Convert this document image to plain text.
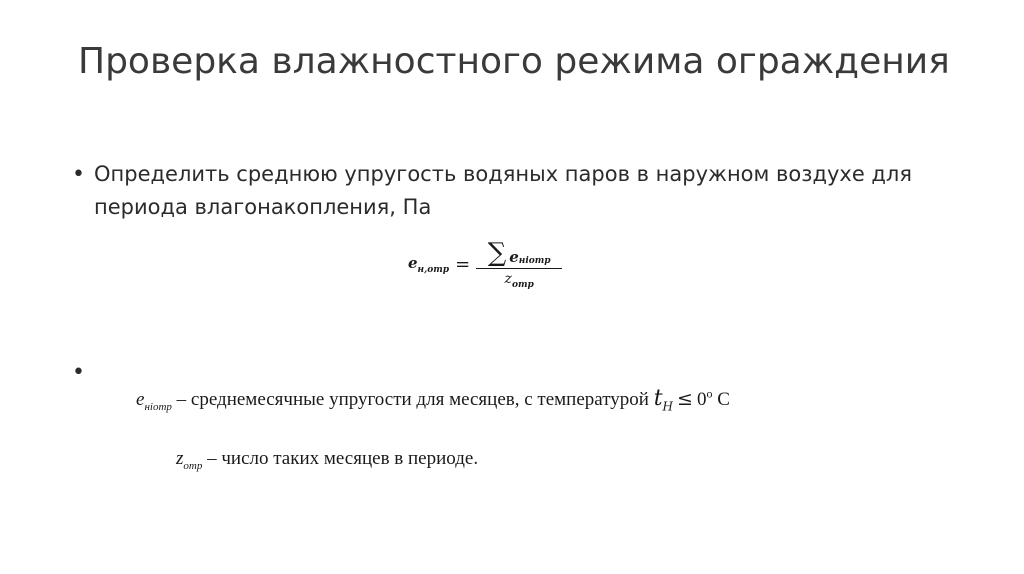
Проверка влажностного режима ограждения
• Определить среднюю упругость водяных паров в наружном воздухе для периода влагонакопления, Па
$e_{н,отр} = \frac{\sum e_{нiотр}}{z_{отр}}$
•
$e_{нiотр}$ – среднемесячные упругости для месяцев, с температурой $t_H \le 0^о$ С
$z_{отр}$ – число таких месяцев в периоде.
